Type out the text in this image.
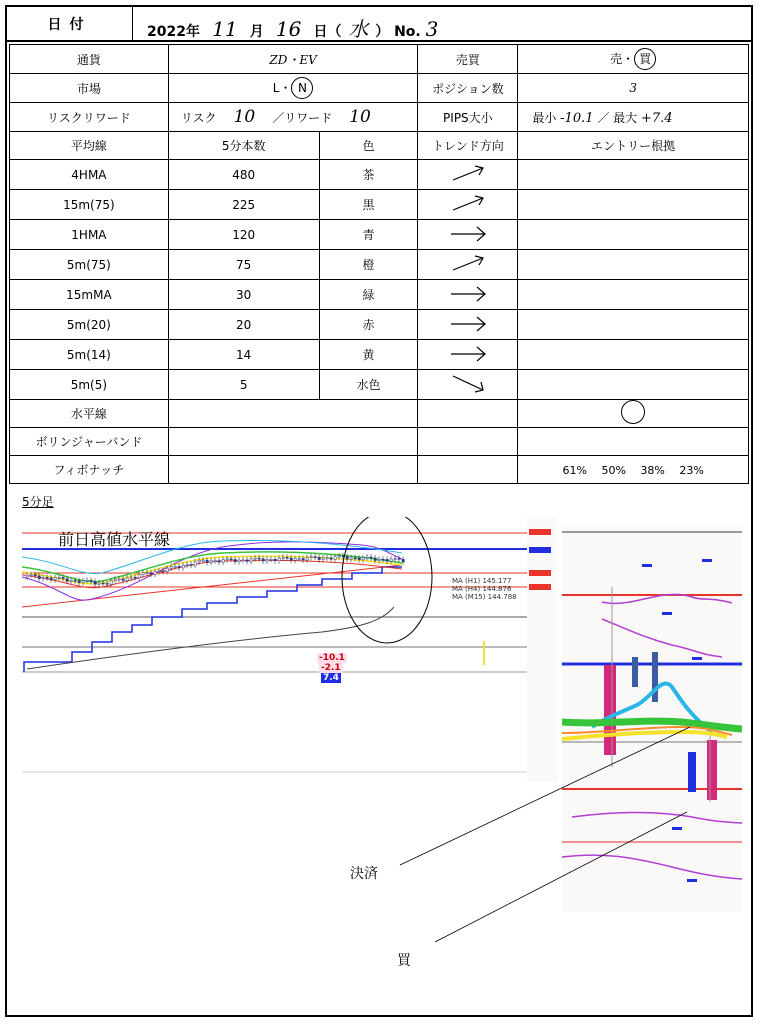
日付	2022年 11 月 16 日（ 水 ） No. 3
通貨	ZD・EV		売買	売・ 買
市場	L・ N		ポジション数	3
リスクリワード	リスク 10 ／リワード 10		PIPS大小	最小 -10.1 ／ 最大 +7.4
平均線	5分本数	色	トレンド方向	エントリー根拠
4HMA	480	茶		
15m(75)	225	黒		
1HMA	120	青		
5m(75)	75	橙		
15mMA	30	緑		
5m(20)	20	赤		
5m(14)	14	黄		
5m(5)	5	水色		
水平線				
ボリンジャーバンド				
フィボナッチ				61%　 50%　 38%　 23%
5分足
前日高値水平線
-10.1
-2.1
7.4
MA (H1) 145.177
MA (H4) 144.876
MA (M15) 144.788
決済
買
